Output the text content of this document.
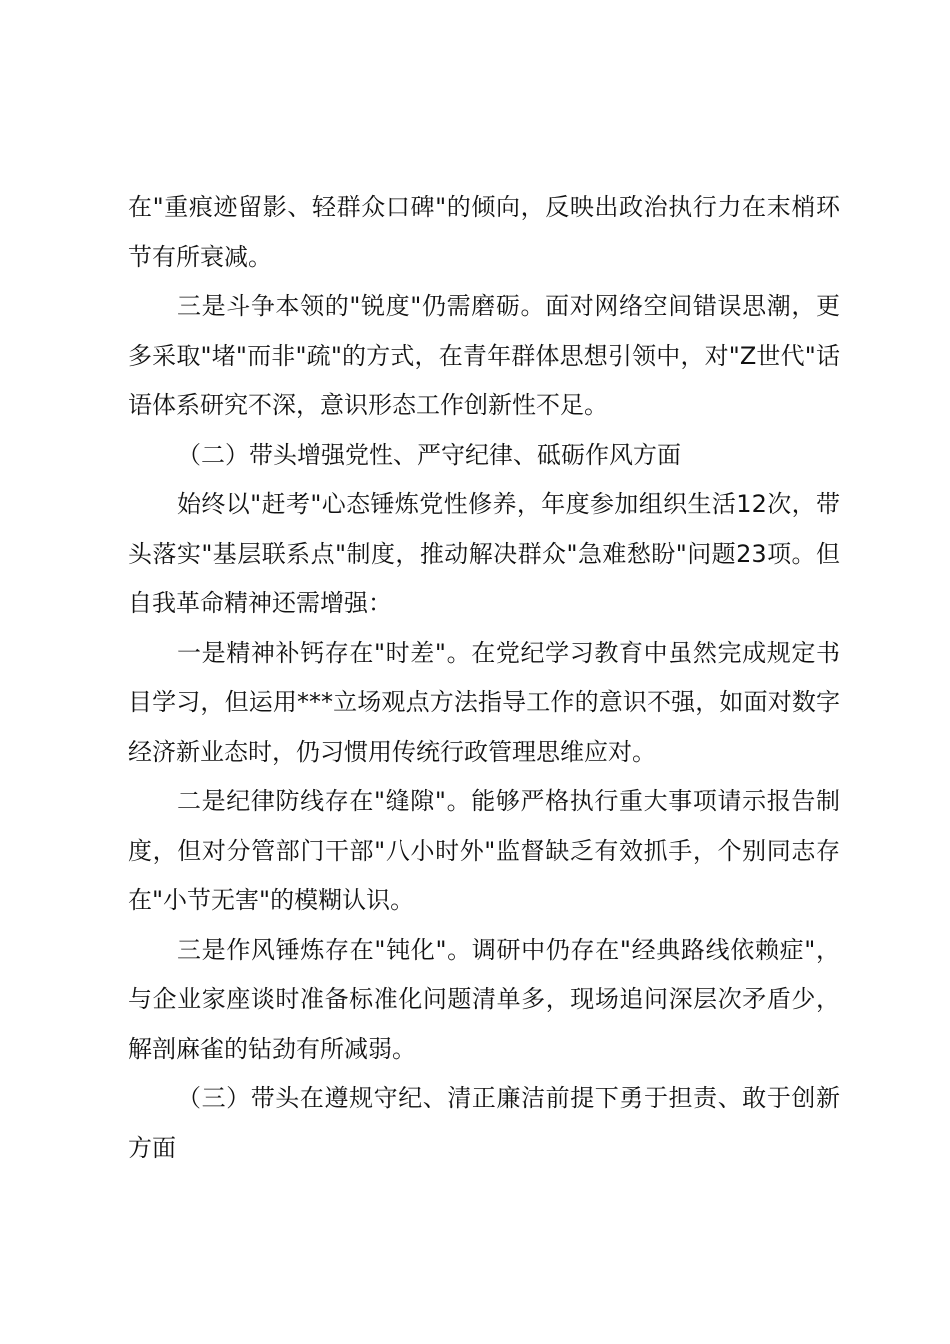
在"重痕迹留影、轻群众口碑"的倾向，反映出政治执行力在末梢环节有所衰减。

三是斗争本领的"锐度"仍需磨砺。面对网络空间错误思潮，更多采取"堵"而非"疏"的方式，在青年群体思想引领中，对"Z世代"话语体系研究不深，意识形态工作创新性不足。

（二）带头增强党性、严守纪律、砥砺作风方面

始终以"赶考"心态锤炼党性修养，年度参加组织生活12次，带头落实"基层联系点"制度，推动解决群众"急难愁盼"问题23项。但自我革命精神还需增强：

一是精神补钙存在"时差"。在党纪学习教育中虽然完成规定书目学习，但运用***立场观点方法指导工作的意识不强，如面对数字经济新业态时，仍习惯用传统行政管理思维应对。

二是纪律防线存在"缝隙"。能够严格执行重大事项请示报告制度，但对分管部门干部"八小时外"监督缺乏有效抓手，个别同志存在"小节无害"的模糊认识。

三是作风锤炼存在"钝化"。调研中仍存在"经典路线依赖症"，与企业家座谈时准备标准化问题清单多，现场追问深层次矛盾少，解剖麻雀的钻劲有所减弱。

（三）带头在遵规守纪、清正廉洁前提下勇于担责、敢于创新方面
